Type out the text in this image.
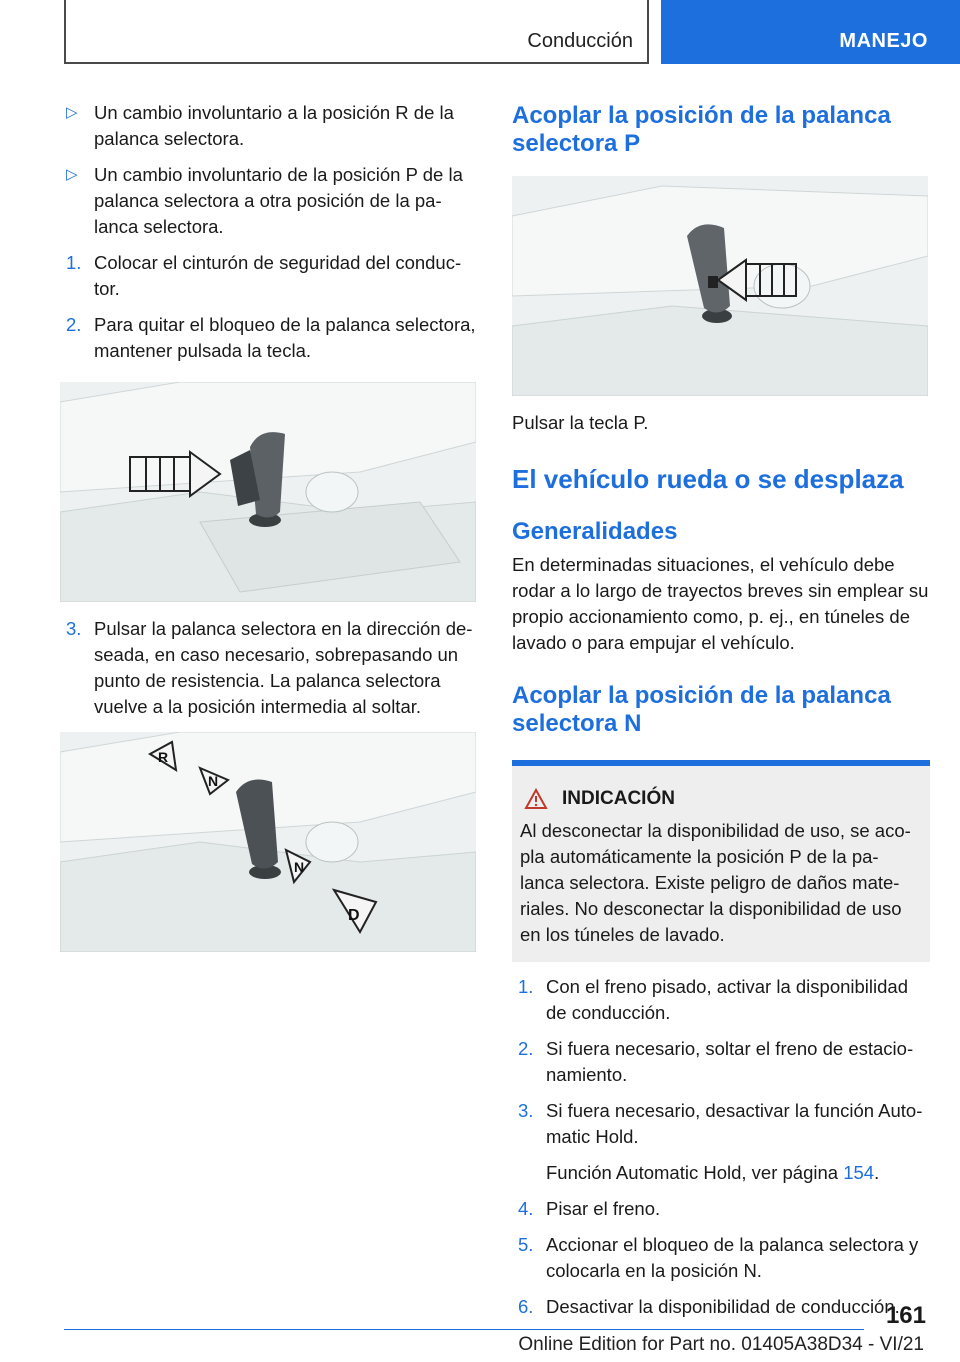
Conducción	MANEJO
▷ Un cambio involuntario a la posición R de la palanca selectora.
▷ Un cambio involuntario de la posición P de la palanca selectora a otra posición de la pa- lanca selectora.
1. Colocar el cinturón de seguridad del conduc- tor.
2. Para quitar el bloqueo de la palanca selectora, mantener pulsada la tecla.
3. Pulsar la palanca selectora en la dirección de- seada, en caso necesario, sobrepasando un punto de resistencia. La palanca selectora vuelve a la posición intermedia al soltar.
R
N
N
D
Acoplar la posición de la palanca selectora P
Pulsar la tecla P.
El vehículo rueda o se desplaza
Generalidades
En determinadas situaciones, el vehículo debe rodar a lo largo de trayectos breves sin emplear su propio accionamiento como, p. ej., en túneles de lavado o para empujar el vehículo.
Acoplar la posición de la palanca selectora N
INDICACIÓN
Al desconectar la disponibilidad de uso, se aco- pla automáticamente la posición P de la pa- lanca selectora. Existe peligro de daños mate- riales. No desconectar la disponibilidad de uso en los túneles de lavado.
1. Con el freno pisado, activar la disponibilidad de conducción.
2. Si fuera necesario, soltar el freno de estacio- namiento.
3. Si fuera necesario, desactivar la función Auto- matic Hold.
Función Automatic Hold, ver página 154.
4. Pisar el freno.
5. Accionar el bloqueo de la palanca selectora y colocarla en la posición N.
6. Desactivar la disponibilidad de conducción.
161
Online Edition for Part no. 01405A38D34 - VI/21
